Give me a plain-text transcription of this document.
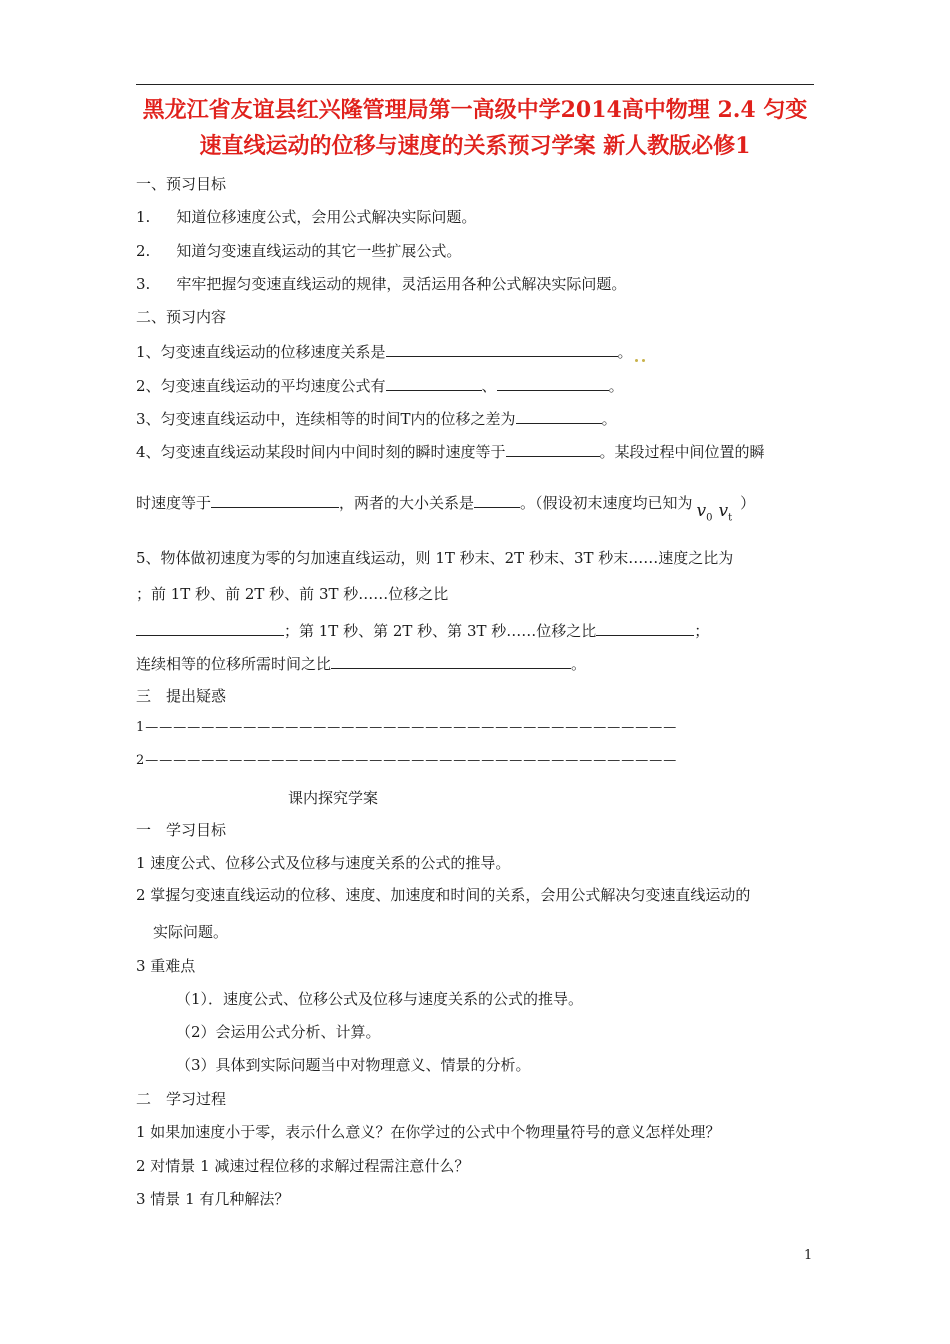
黑龙江省友谊县红兴隆管理局第一高级中学2014高中物理 2.4 匀变
速直线运动的位移与速度的关系预习学案 新人教版必修1
一、预习目标
1. 知道位移速度公式，会用公式解决实际问题。
2. 知道匀变速直线运动的其它一些扩展公式。
3. 牢牢把握匀变速直线运动的规律，灵活运用各种公式解决实际问题。
二、预习内容
1、匀变速直线运动的位移速度关系是	。
2、匀变速直线运动的平均速度公式有	、	。
3、匀变速直线运动中，连续相等的时间T内的位移之差为	。
4、匀变速直线运动某段时间内中间时刻的瞬时速度等于	。某段过程中间位置的瞬
时速度等于	，两者的大小关系是	。（假设初末速度均已知为 $v_0$ $v_t$）
5、物体做初速度为零的匀加速直线运动，则 1T 秒末、2T 秒末、3T 秒末……速度之比为
；前 1T 秒、前 2T 秒、前 3T 秒……位移之比
；第 1T 秒、第 2T 秒、第 3T 秒……位移之比	；
连续相等的位移所需时间之比	。
三　提出疑惑
1——————————————————————————————————————
2——————————————————————————————————————
课内探究学案
一　学习目标
1 速度公式、位移公式及位移与速度关系的公式的推导。
2 掌握匀变速直线运动的位移、速度、加速度和时间的关系，会用公式解决匀变速直线运动的
实际问题。
3 重难点
（1）．速度公式、位移公式及位移与速度关系的公式的推导。
（2）会运用公式分析、计算。
（3）具体到实际问题当中对物理意义、情景的分析。
二　学习过程
1 如果加速度小于零，表示什么意义？在你学过的公式中个物理量符号的意义怎样处理？
2 对情景 1 减速过程位移的求解过程需注意什么？
3 情景 1 有几种解法？
1
